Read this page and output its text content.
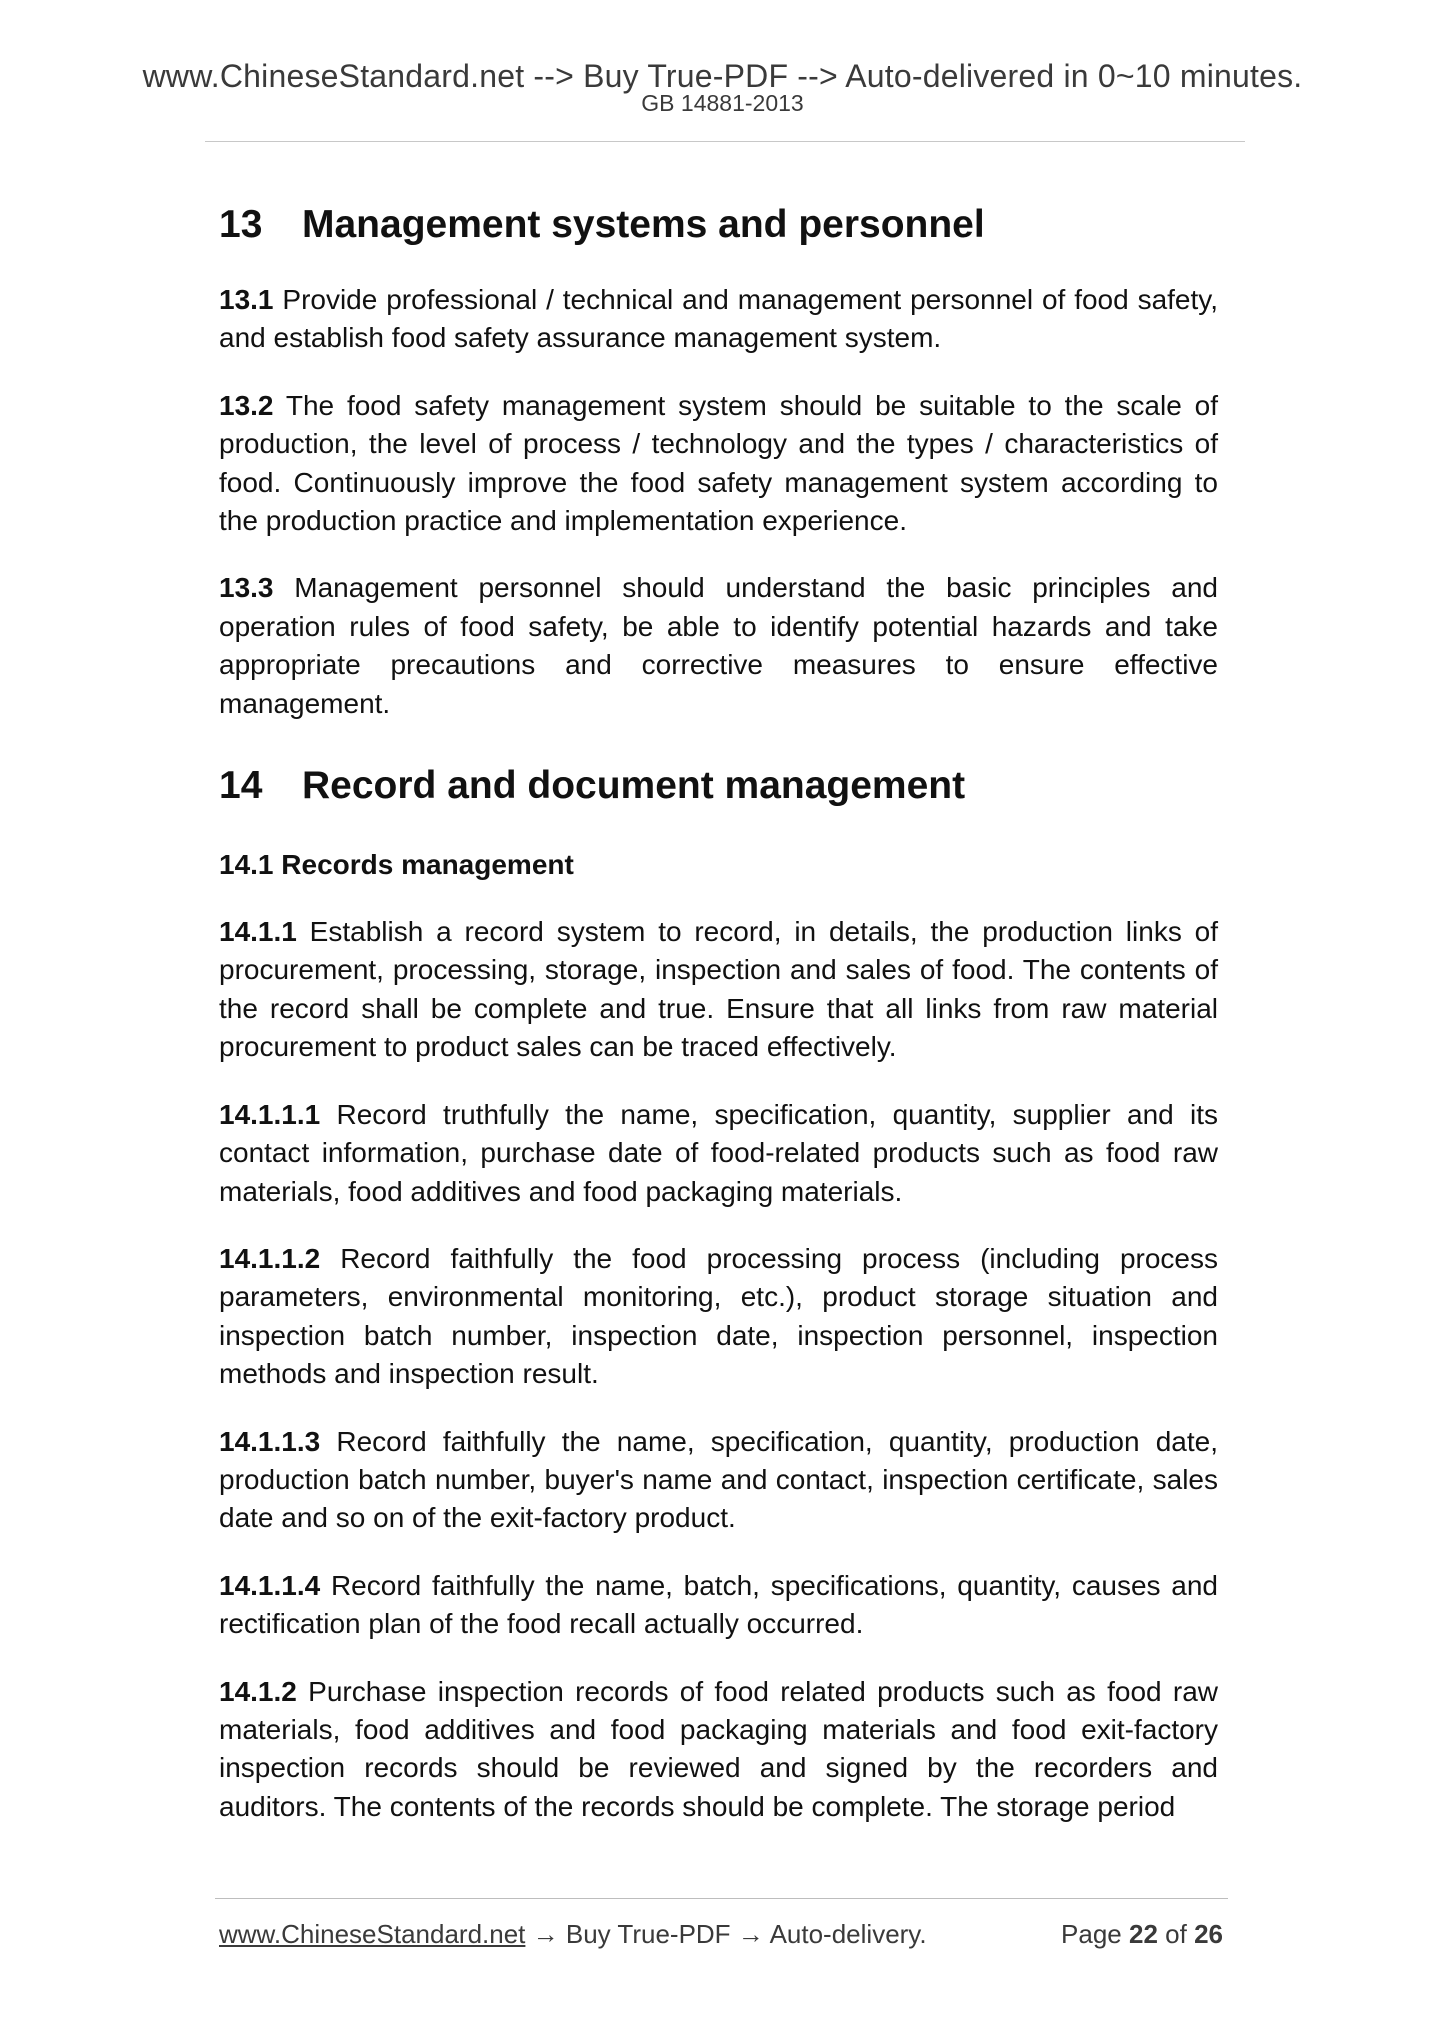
www.ChineseStandard.net --> Buy True-PDF --> Auto-delivered in 0~10 minutes.
GB 14881-2013
13 Management systems and personnel

13.1 Provide professional / technical and management personnel of food safety, and establish food safety assurance management system.

13.2 The food safety management system should be suitable to the scale of production, the level of process / technology and the types / characteristics of food. Continuously improve the food safety management system according to the production practice and implementation experience.

13.3 Management personnel should understand the basic principles and operation rules of food safety, be able to identify potential hazards and take appropriate precautions and corrective measures to ensure effective management.

14 Record and document management
14.1 Records management

14.1.1 Establish a record system to record, in details, the production links of procurement, processing, storage, inspection and sales of food. The contents of the record shall be complete and true. Ensure that all links from raw material procurement to product sales can be traced effectively.

14.1.1.1 Record truthfully the name, specification, quantity, supplier and its contact information, purchase date of food-related products such as food raw materials, food additives and food packaging materials.

14.1.1.2 Record faithfully the food processing process (including process parameters, environmental monitoring, etc.), product storage situation and inspection batch number, inspection date, inspection personnel, inspection methods and inspection result.

14.1.1.3 Record faithfully the name, specification, quantity, production date, production batch number, buyer's name and contact, inspection certificate, sales date and so on of the exit-factory product.

14.1.1.4 Record faithfully the name, batch, specifications, quantity, causes and rectification plan of the food recall actually occurred.

14.1.2 Purchase inspection records of food related products such as food raw materials, food additives and food packaging materials and food exit-factory inspection records should be reviewed and signed by the recorders and auditors. The contents of the records should be complete. The storage period

www.ChineseStandard.net → Buy True-PDF → Auto-delivery.	Page 22 of 26
